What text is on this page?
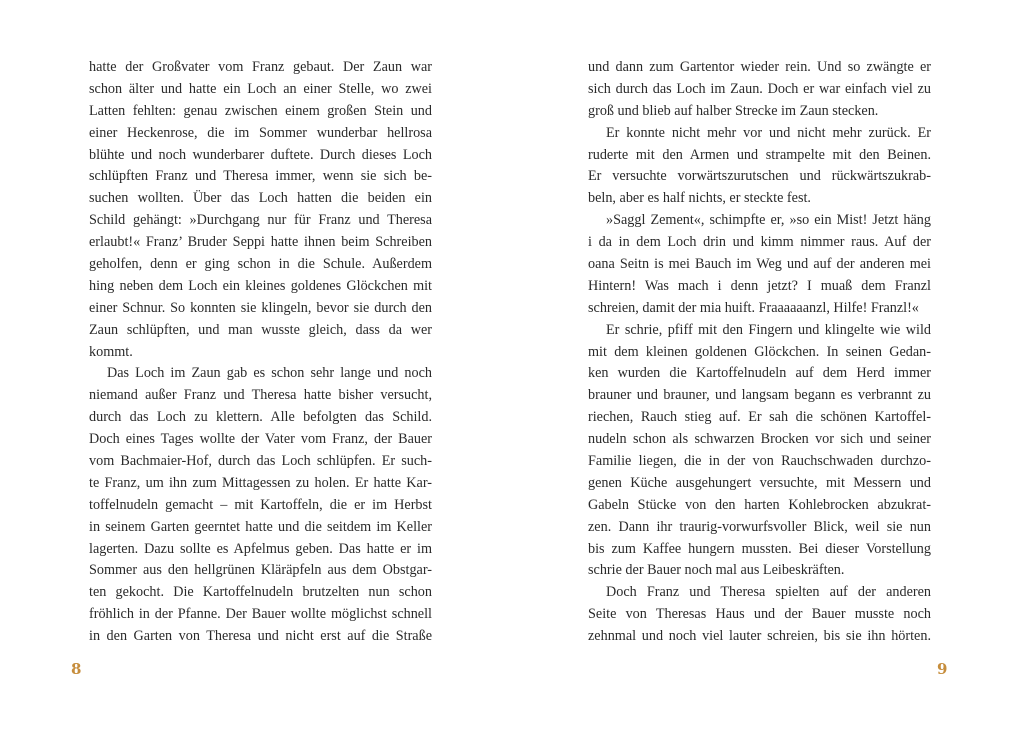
hatte der Großvater vom Franz gebaut. Der Zaun war
schon älter und hatte ein Loch an einer Stelle, wo zwei
Latten fehlten: genau zwischen einem großen Stein und
einer Heckenrose, die im Sommer wunderbar hellrosa
blühte und noch wunderbarer duftete. Durch dieses Loch
schlüpften Franz und Theresa immer, wenn sie sich be-
suchen wollten. Über das Loch hatten die beiden ein
Schild gehängt: »Durchgang nur für Franz und Theresa
erlaubt!« Franz’ Bruder Seppi hatte ihnen beim Schreiben
geholfen, denn er ging schon in die Schule. Außerdem
hing neben dem Loch ein kleines goldenes Glöckchen mit
einer Schnur. So konnten sie klingeln, bevor sie durch den
Zaun schlüpften, und man wusste gleich, dass da wer
kommt.
Das Loch im Zaun gab es schon sehr lange und noch
niemand außer Franz und Theresa hatte bisher versucht,
durch das Loch zu klettern. Alle befolgten das Schild.
Doch eines Tages wollte der Vater vom Franz, der Bauer
vom Bachmaier-Hof, durch das Loch schlüpfen. Er such-
te Franz, um ihn zum Mittagessen zu holen. Er hatte Kar-
toffelnudeln gemacht – mit Kartoffeln, die er im Herbst
in seinem Garten geerntet hatte und die seitdem im Keller
lagerten. Dazu sollte es Apfelmus geben. Das hatte er im
Sommer aus den hellgrünen Kläräpfeln aus dem Obstgar-
ten gekocht. Die Kartoffelnudeln brutzelten nun schon
fröhlich in der Pfanne. Der Bauer wollte möglichst schnell
in den Garten von Theresa und nicht erst auf die Straße
und dann zum Gartentor wieder rein. Und so zwängte er
sich durch das Loch im Zaun. Doch er war einfach viel zu
groß und blieb auf halber Strecke im Zaun stecken.
Er konnte nicht mehr vor und nicht mehr zurück. Er
ruderte mit den Armen und strampelte mit den Beinen.
Er versuchte vorwärtszurutschen und rückwärtszukrab-
beln, aber es half nichts, er steckte fest.
»Saggl Zement«, schimpfte er, »so ein Mist! Jetzt häng
i da in dem Loch drin und kimm nimmer raus. Auf der
oana Seitn is mei Bauch im Weg und auf der anderen mei
Hintern! Was mach i denn jetzt? I muaß dem Franzl
schreien, damit der mia huift. Fraaaaaanzl, Hilfe! Franzl!«
Er schrie, pfiff mit den Fingern und klingelte wie wild
mit dem kleinen goldenen Glöckchen. In seinen Gedan-
ken wurden die Kartoffelnudeln auf dem Herd immer
brauner und brauner, und langsam begann es verbrannt zu
riechen, Rauch stieg auf. Er sah die schönen Kartoffel-
nudeln schon als schwarzen Brocken vor sich und seiner
Familie liegen, die in der von Rauchschwaden durchzo-
genen Küche ausgehungert versuchte, mit Messern und
Gabeln Stücke von den harten Kohlebrocken abzukrat-
zen. Dann ihr traurig-vorwurfsvoller Blick, weil sie nun
bis zum Kaffee hungern mussten. Bei dieser Vorstellung
schrie der Bauer noch mal aus Leibeskräften.
Doch Franz und Theresa spielten auf der anderen
Seite von Theresas Haus und der Bauer musste noch
zehnmal und noch viel lauter schreien, bis sie ihn hörten.
8	9
